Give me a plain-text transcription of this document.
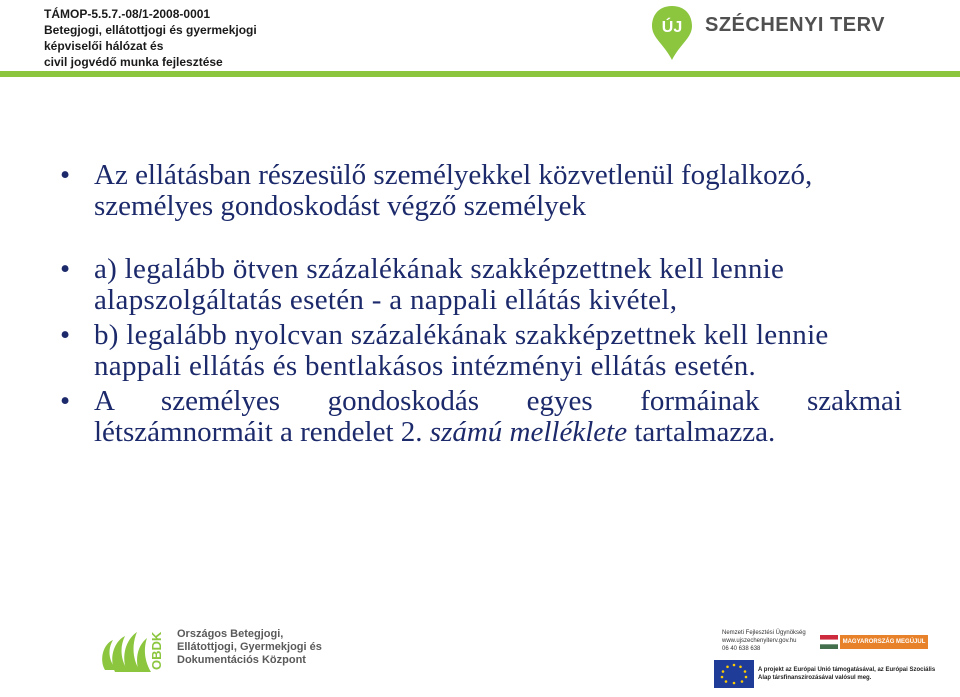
TÁMOP-5.5.7.-08/1-2008-0001
Betegjogi, ellátottjogi és gyermekjogi
képviselői hálózat és
civil jogvédő munka fejlesztése
ÚJ SZÉCHENYI TERV
• Az ellátásban részesülő személyekkel közvetlenül foglalkozó, személyes gondoskodást végző személyek
• a) legalább ötven százalékának szakképzettnek kell lennie alapszolgáltatás esetén - a nappali ellátás kivétel,
• b) legalább nyolcvan százalékának szakképzettnek kell lennie nappali ellátás és bentlakásos intézményi ellátás esetén.
• A személyes gondoskodás egyes formáinak szakmai
létszámnormáit a rendelet 2. számú melléklete tartalmazza.
OBDK Országos Betegjogi,
Ellátottjogi, Gyermekjogi és
Dokumentációs Központ
Nemzeti Fejlesztési Ügynökség
www.ujszechenyiterv.gov.hu
06 40 638 638
MAGYARORSZÁG MEGÚJUL
A projekt az Európai Unió támogatásával, az Európai Szociális Alap társfinanszírozásával valósul meg.
